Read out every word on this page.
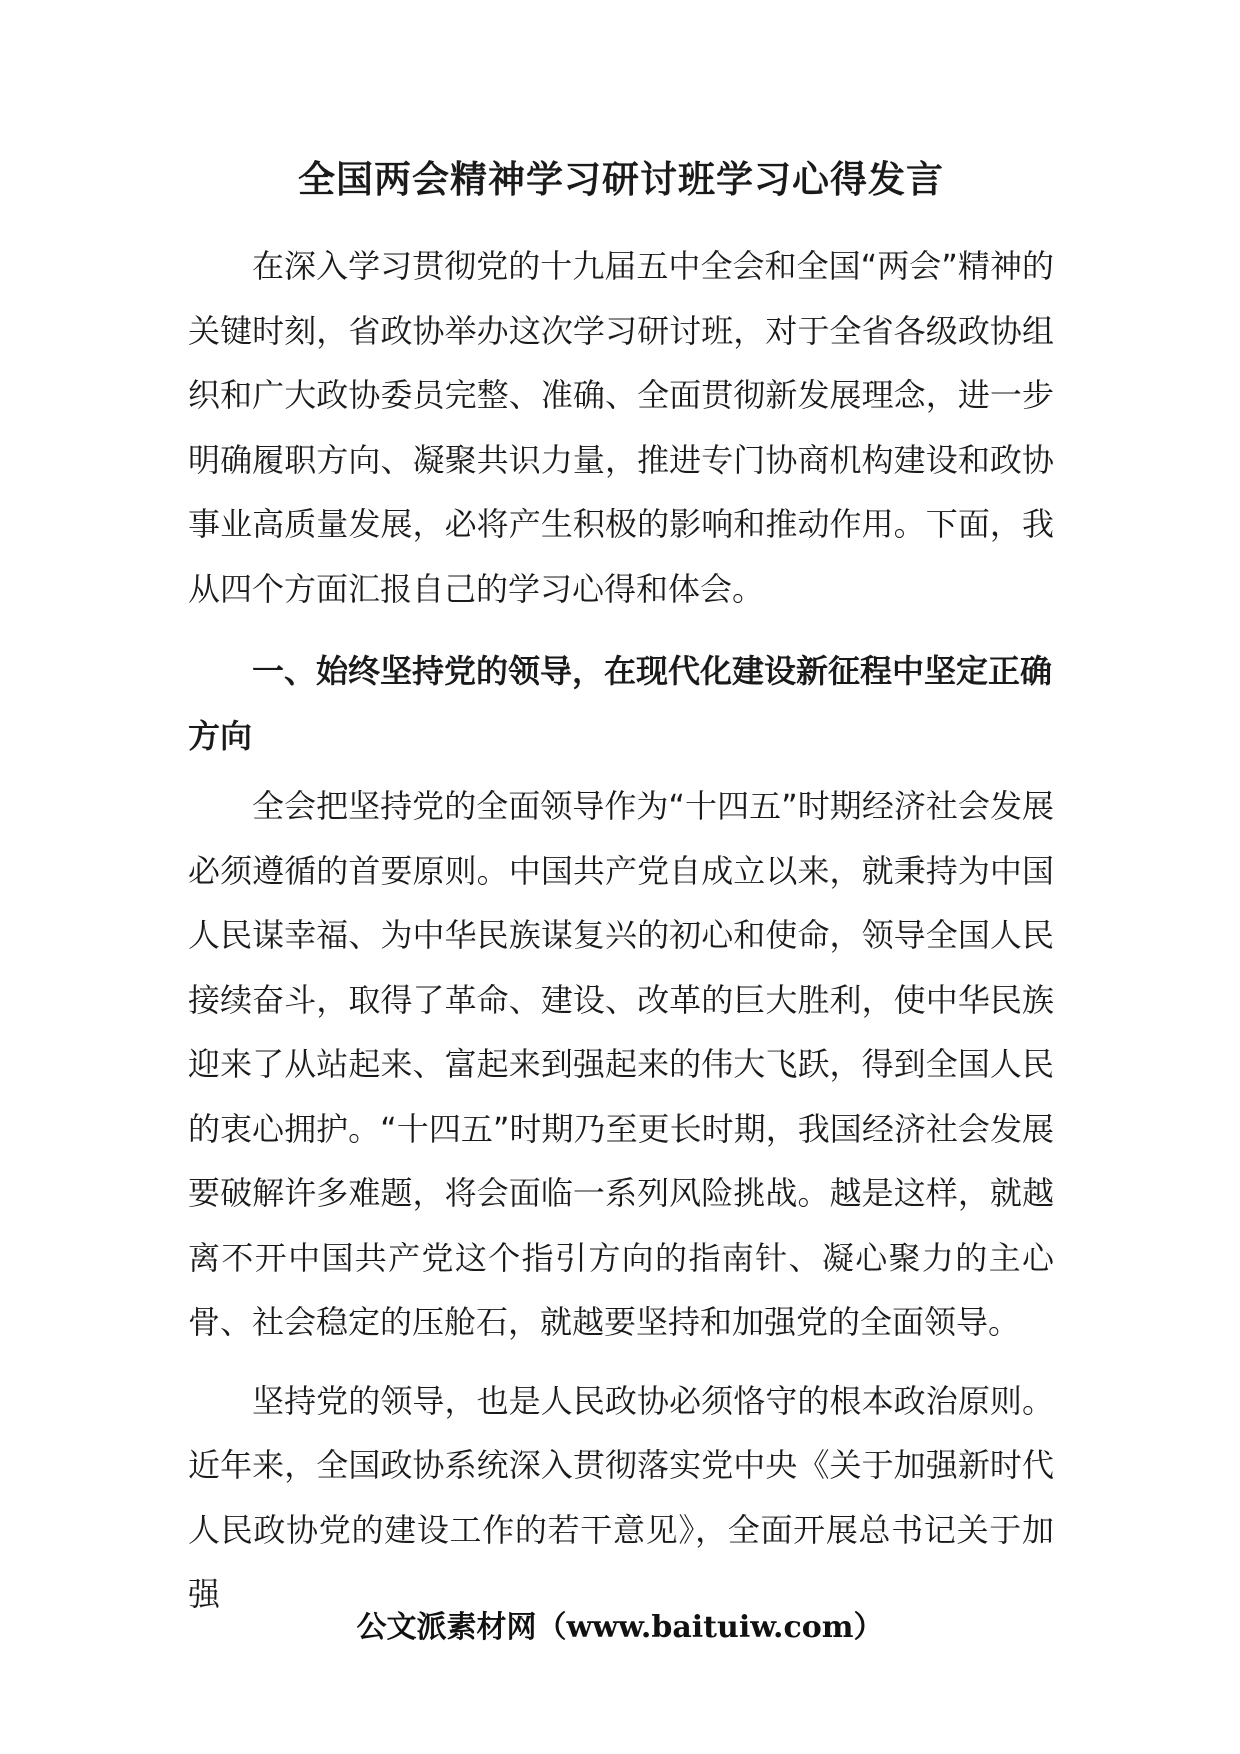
全国两会精神学习研讨班学习心得发言

在深入学习贯彻党的十九届五中全会和全国“两会”精神的关键时刻，省政协举办这次学习研讨班，对于全省各级政协组织和广大政协委员完整、准确、全面贯彻新发展理念，进一步明确履职方向、凝聚共识力量，推进专门协商机构建设和政协事业高质量发展，必将产生积极的影响和推动作用。下面，我从四个方面汇报自己的学习心得和体会。

一、始终坚持党的领导，在现代化建设新征程中坚定正确方向

全会把坚持党的全面领导作为“十四五”时期经济社会发展必须遵循的首要原则。中国共产党自成立以来，就秉持为中国人民谋幸福、为中华民族谋复兴的初心和使命，领导全国人民接续奋斗，取得了革命、建设、改革的巨大胜利，使中华民族迎来了从站起来、富起来到强起来的伟大飞跃，得到全国人民的衷心拥护。“十四五”时期乃至更长时期，我国经济社会发展要破解许多难题，将会面临一系列风险挑战。越是这样，就越离不开中国共产党这个指引方向的指南针、凝心聚力的主心骨、社会稳定的压舱石，就越要坚持和加强党的全面领导。

坚持党的领导，也是人民政协必须恪守的根本政治原则。近年来，全国政协系统深入贯彻落实党中央《关于加强新时代人民政协党的建设工作的若干意见》，全面开展总书记关于加强

公文派素材网（www.baituiw.com）
